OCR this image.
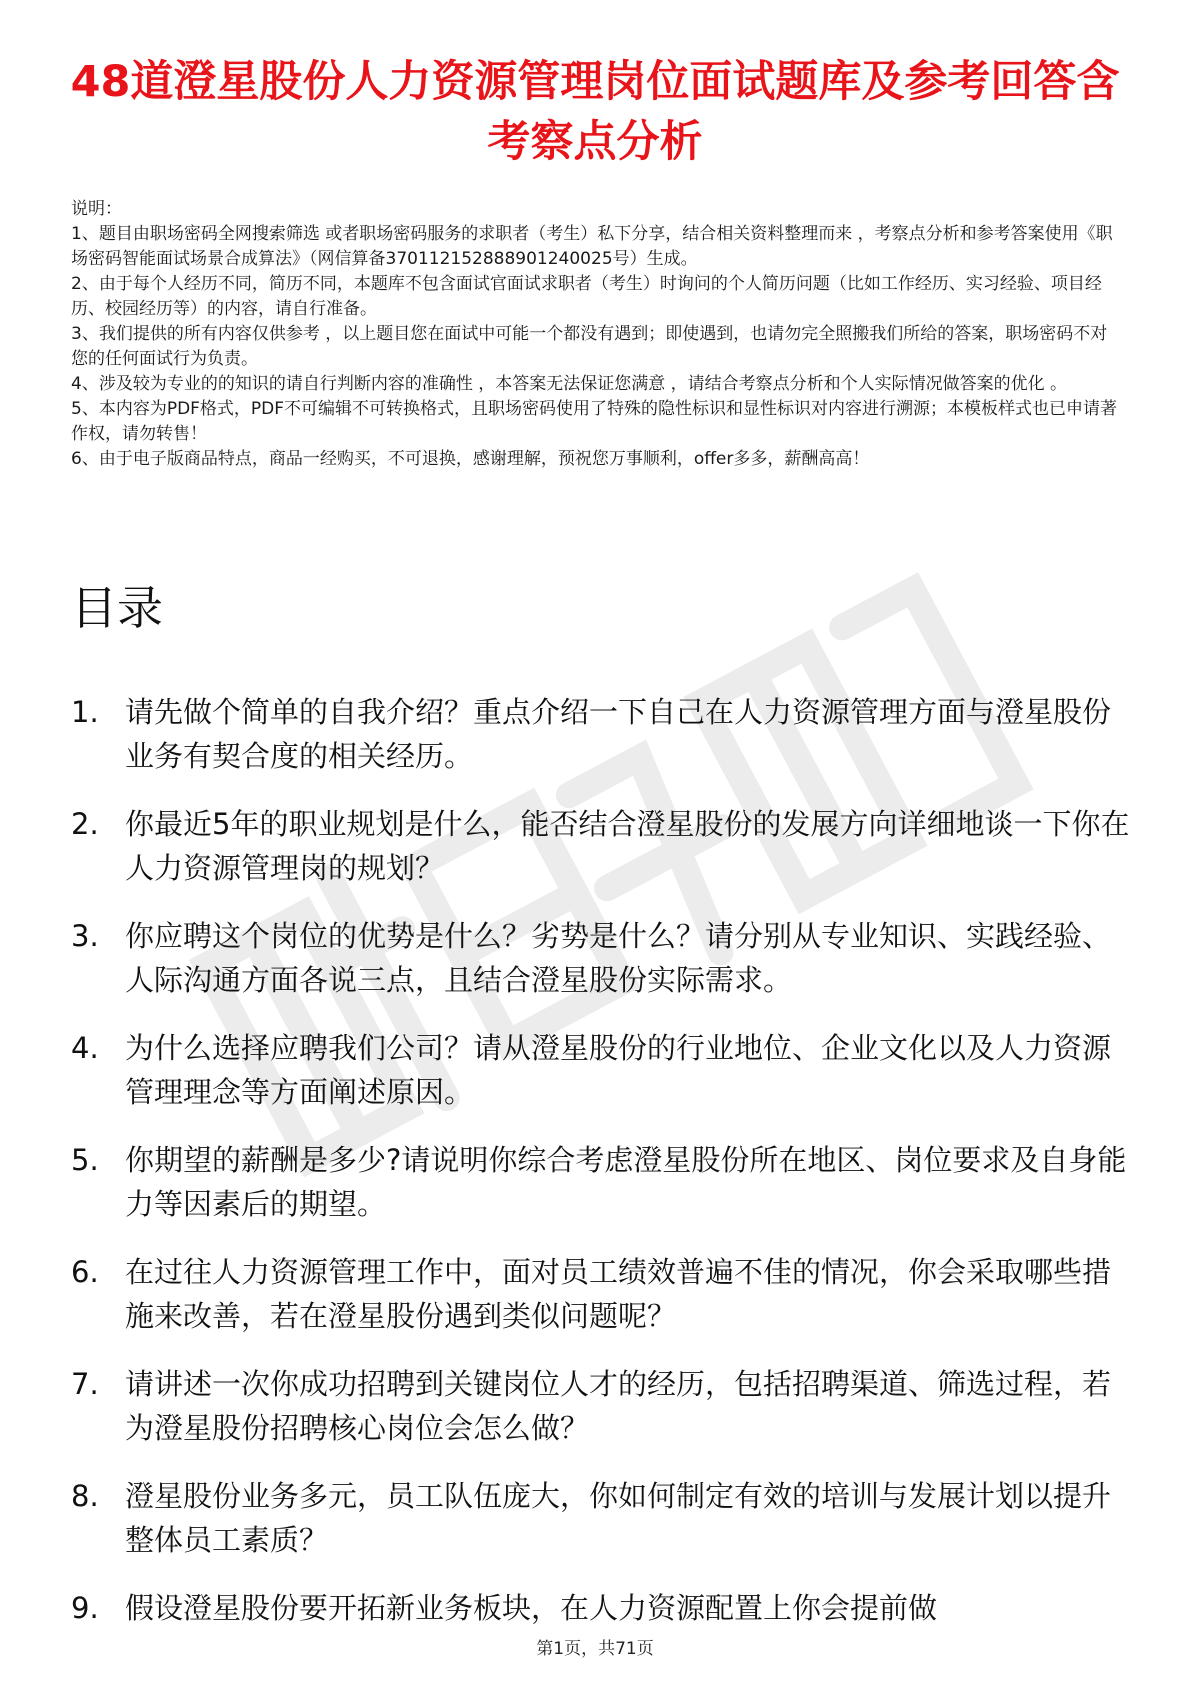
48道澄星股份人力资源管理岗位面试题库及参考回答含考察点分析
说明：
1、题目由职场密码全网搜索筛选 或者职场密码服务的求职者（考生）私下分享，结合相关资料整理而来 ，考察点分析和参考答案使用《职场密码智能面试场景合成算法》（网信算备370112152888901240025号）生成。
2、由于每个人经历不同，简历不同，本题库不包含面试官面试求职者（考生）时询问的个人简历问题（比如工作经历、实习经验、项目经历、校园经历等）的内容，请自行准备。
3、我们提供的所有内容仅供参考 ，以上题目您在面试中可能一个都没有遇到；即使遇到，也请勿完全照搬我们所给的答案，职场密码不对您的任何面试行为负责。
4、涉及较为专业的的知识的请自行判断内容的准确性 ，本答案无法保证您满意 ，请结合考察点分析和个人实际情况做答案的优化 。
5、本内容为PDF格式，PDF不可编辑不可转换格式，且职场密码使用了特殊的隐性标识和显性标识对内容进行溯源；本模板样式也已申请著作权，请勿转售！
6、由于电子版商品特点，商品一经购买，不可退换，感谢理解，预祝您万事顺利，offer多多，薪酬高高！
目录
1. 请先做个简单的自我介绍？重点介绍一下自己在人力资源管理方面与澄星股份业务有契合度的相关经历。
2. 你最近5年的职业规划是什么，能否结合澄星股份的发展方向详细地谈一下你在人力资源管理岗的规划？
3. 你应聘这个岗位的优势是什么？劣势是什么？请分别从专业知识、实践经验、人际沟通方面各说三点，且结合澄星股份实际需求。
4. 为什么选择应聘我们公司？请从澄星股份的行业地位、企业文化以及人力资源管理理念等方面阐述原因。
5. 你期望的薪酬是多少?请说明你综合考虑澄星股份所在地区、岗位要求及自身能力等因素后的期望。
6. 在过往人力资源管理工作中，面对员工绩效普遍不佳的情况，你会采取哪些措施来改善，若在澄星股份遇到类似问题呢？
7. 请讲述一次你成功招聘到关键岗位人才的经历，包括招聘渠道、筛选过程，若为澄星股份招聘核心岗位会怎么做？
8. 澄星股份业务多元，员工队伍庞大，你如何制定有效的培训与发展计划以提升整体员工素质？
9. 假设澄星股份要开拓新业务板块，在人力资源配置上你会提前做
第1页，共71页
